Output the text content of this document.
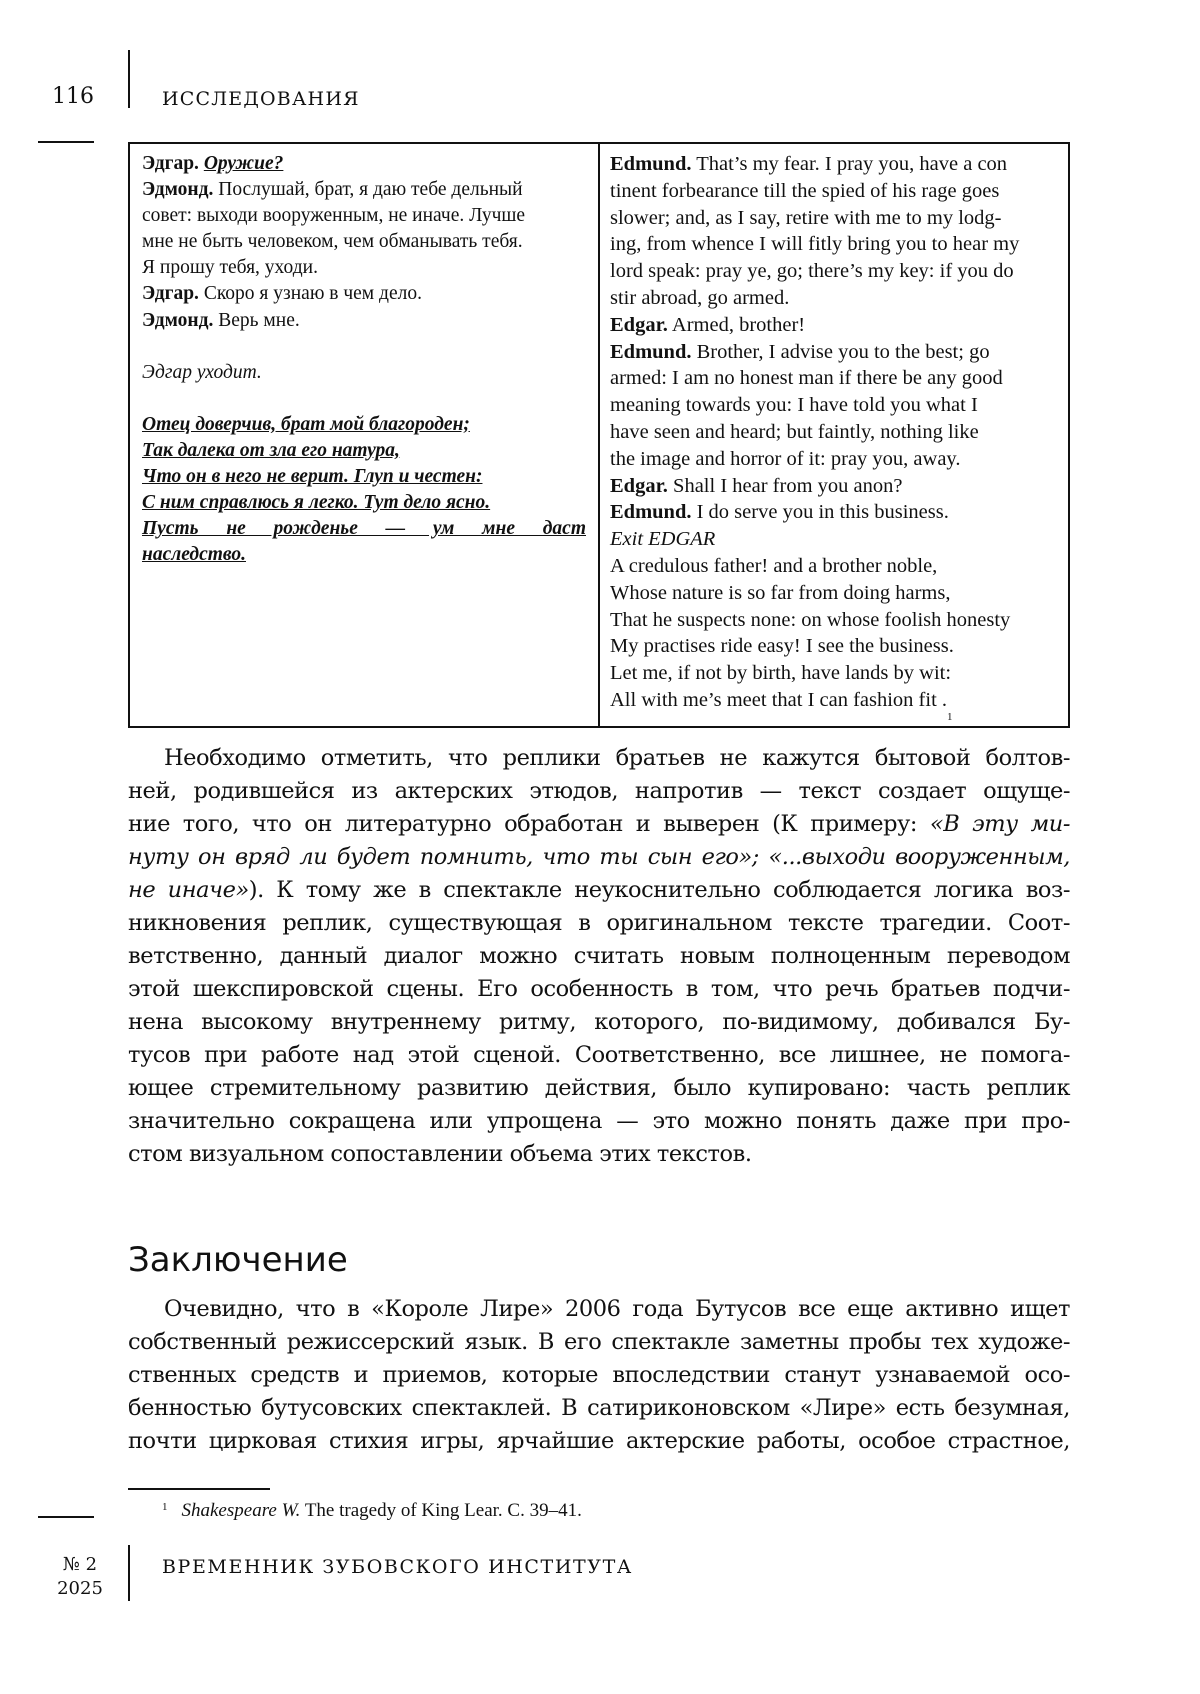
116	ИССЛЕДОВАНИЯ
Эдгар. Оружие?
Эдмонд. Послушай, брат, я даю тебе дельный
совет: выходи вооруженным, не иначе. Лучше
мне не быть человеком, чем обманывать тебя.
Я прошу тебя, уходи.
Эдгар. Скоро я узнаю в чем дело.
Эдмонд. Верь мне.
Эдгар уходит.
Отец доверчив, брат мой благороден;
Так далека от зла его натура,
Что он в него не верит. Глуп и честен:
С ним справлюсь я легко. Тут дело ясно.
Пусть не рожденье — ум мне даст
наследство.
Edmund. That’s my fear. I pray you, have a con
tinent forbearance till the spied of his rage goes
slower; and, as I say, retire with me to my lodg-
ing, from whence I will fitly bring you to hear my
lord speak: pray ye, go; there’s my key: if you do
stir abroad, go armed.
Edgar. Armed, brother!
Edmund. Brother, I advise you to the best; go
armed: I am no honest man if there be any good
meaning towards you: I have told you what I
have seen and heard; but faintly, nothing like
the image and horror of it: pray you, away.
Edgar. Shall I hear from you anon?
Edmund. I do serve you in this business.
Exit EDGAR
A credulous father! and a brother noble,
Whose nature is so far from doing harms,
That he suspects none: on whose foolish honesty
My practises ride easy! I see the business.
Let me, if not by birth, have lands by wit:
All with me’s meet that I can fashion fit $._1$
Необходимо отметить, что реплики братьев не кажутся бытовой болтов-
ней, родившейся из актерских этюдов, напротив — текст создает ощуще-
ние того, что он литературно обработан и выверен (К примеру: «В эту ми-
нуту он вряд ли будет помнить, что ты сын его»; «...выходи вооруженным,
не иначе»). К тому же в спектакле неукоснительно соблюдается логика воз-
никновения реплик, существующая в оригинальном тексте трагедии. Соот-
ветственно, данный диалог можно считать новым полноценным переводом
этой шекспировской сцены. Его особенность в том, что речь братьев подчи-
нена высокому внутреннему ритму, которого, по-видимому, добивался Бу-
тусов при работе над этой сценой. Соответственно, все лишнее, не помога-
ющее стремительному развитию действия, было купировано: часть реплик
значительно сокращена или упрощена — это можно понять даже при про-
стом визуальном сопоставлении объема этих текстов.
Заключение
Очевидно, что в «Короле Лире» 2006 года Бутусов все еще активно ищет
собственный режиссерский язык. В его спектакле заметны пробы тех художе-
ственных средств и приемов, которые впоследствии станут узнаваемой осо-
бенностью бутусовских спектаклей. В сатириконовском «Лире» есть безумная,
почти цирковая стихия игры, ярчайшие актерские работы, особое страстное,
$^1$ Shakespeare W. The tragedy of King Lear. C. 39–41.
№ 2
2025
ВРЕМЕННИК ЗУБОВСКОГО ИНСТИТУТА
